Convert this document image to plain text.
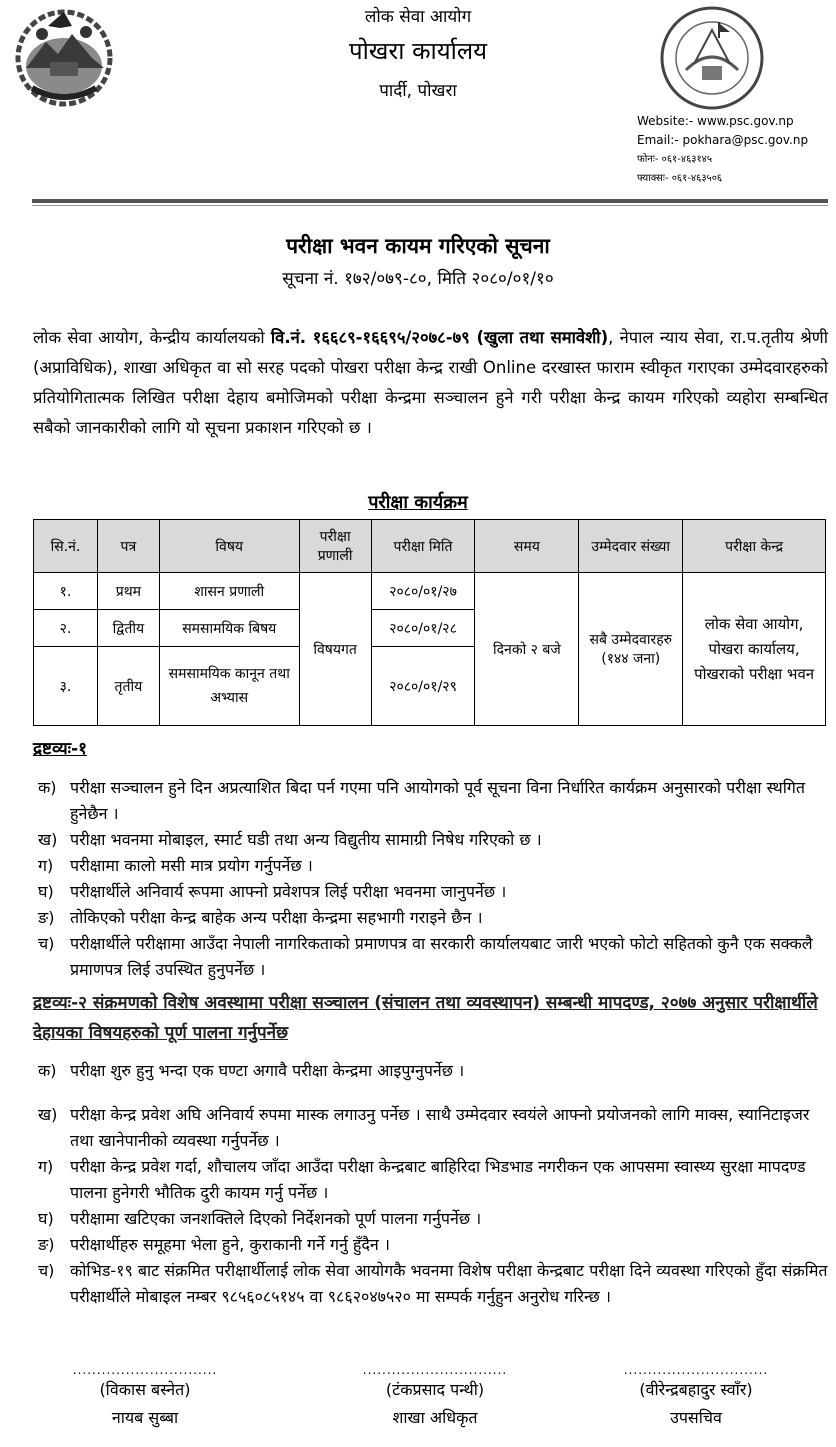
लोक सेवा आयोग
पोखरा कार्यालय
पार्दी, पोखरा
Website:- www.psc.gov.np
Email:- pokhara@psc.gov.np
फोनः- ०६१-४६३१४५
फ्याक्सः- ०६१-४६३५०६
परीक्षा भवन कायम गरिएको सूचना
सूचना नं. १७२/०७९-८०, मिति २०८०/०१/१०
लोक सेवा आयोग, केन्द्रीय कार्यालयको वि.नं. १६६८९-१६६९५/२०७८-७९ (खुला तथा समावेशी), नेपाल न्याय सेवा, रा.प.तृतीय श्रेणी (अप्राविधिक), शाखा अधिकृत वा सो सरह पदको पोखरा परीक्षा केन्द्र राखी Online दरखास्त फाराम स्वीकृत गराएका उम्मेदवारहरुको प्रतियोगितात्मक लिखित परीक्षा देहाय बमोजिमको परीक्षा केन्द्रमा सञ्चालन हुने गरी परीक्षा केन्द्र कायम गरिएको व्यहोरा सम्बन्धित सबैको जानकारीको लागि यो सूचना प्रकाशन गरिएको छ ।
परीक्षा कार्यक्रम
सि.नं.	पत्र	विषय	परीक्षा प्रणाली	परीक्षा मिति	समय	उम्मेदवार संख्या	परीक्षा केन्द्र
१.	प्रथम	शासन प्रणाली	विषयगत	२०८०/०१/२७	दिनको २ बजे	सबै उम्मेदवारहरु (१४४ जना)	लोक सेवा आयोग, पोखरा कार्यालय, पोखराको परीक्षा भवन
२.	द्वितीय	समसामयिक बिषय		२०८०/०१/२८			
३.	तृतीय	समसामयिक कानून तथा अभ्यास		२०८०/०१/२९			
द्रष्टव्यः-१

क) परीक्षा सञ्चालन हुने दिन अप्रत्याशित बिदा पर्न गएमा पनि आयोगको पूर्व सूचना विना निर्धारित कार्यक्रम अनुसारको परीक्षा स्थगित हुनेछैन ।

ख) परीक्षा भवनमा मोबाइल, स्मार्ट घडी तथा अन्य विद्युतीय सामाग्री निषेध गरिएको छ ।

ग) परीक्षामा कालो मसी मात्र प्रयोग गर्नुपर्नेछ ।

घ) परीक्षार्थीले अनिवार्य रूपमा आफ्नो प्रवेशपत्र लिई परीक्षा भवनमा जानुपर्नेछ ।

ङ) तोकिएको परीक्षा केन्द्र बाहेक अन्य परीक्षा केन्द्रमा सहभागी गराइने छैन ।

च) परीक्षार्थीले परीक्षामा आउँदा नेपाली नागरिकताको प्रमाणपत्र वा सरकारी कार्यालयबाट जारी भएको फोटो सहितको कुनै एक सक्कलै प्रमाणपत्र लिई उपस्थित हुनुपर्नेछ ।

द्रष्टव्यः-२ संक्रमणको विशेष अवस्थामा परीक्षा सञ्चालन (संचालन तथा व्यवस्थापन) सम्बन्धी मापदण्ड, २०७७ अनुसार परीक्षार्थीले देहायका विषयहरुको पूर्ण पालना गर्नुपर्नेछ

क) परीक्षा शुरु हुनु भन्दा एक घण्टा अगावै परीक्षा केन्द्रमा आइपुग्नुपर्नेछ ।

ख) परीक्षा केन्द्र प्रवेश अघि अनिवार्य रुपमा मास्क लगाउनु पर्नेछ । साथै उम्मेदवार स्वयंले आफ्नो प्रयोजनको लागि माक्स, स्यानिटाइजर तथा खानेपानीको व्यवस्था गर्नुपर्नेछ ।

ग) परीक्षा केन्द्र प्रवेश गर्दा, शौचालय जाँदा आउँदा परीक्षा केन्द्रबाट बाहिरिदा भिडभाड नगरीकन एक आपसमा स्वास्थ्य सुरक्षा मापदण्ड पालना हुनेगरी भौतिक दुरी कायम गर्नु पर्नेछ ।

घ) परीक्षामा खटिएका जनशक्तिले दिएको निर्देशनको पूर्ण पालना गर्नुपर्नेछ ।

ङ) परीक्षार्थीहरु समूहमा भेला हुने, कुराकानी गर्ने गर्नु हुँदैन ।

च) कोभिड-१९ बाट संक्रमित परीक्षार्थीलाई लोक सेवा आयोगकै भवनमा विशेष परीक्षा केन्द्रबाट परीक्षा दिने व्यवस्था गरिएको हुँदा संक्रमित परीक्षार्थीले मोबाइल नम्बर ९८५६०८५१४५ वा ९८६२०४७५२० मा सम्पर्क गर्नुहुन अनुरोध गरिन्छ ।

..............................
(विकास बस्नेत)
नायब सुब्बा
..............................
(टंकप्रसाद पन्थी)
शाखा अधिकृत
..............................
(वीरेन्द्रबहादुर स्वाँर)
उपसचिव
